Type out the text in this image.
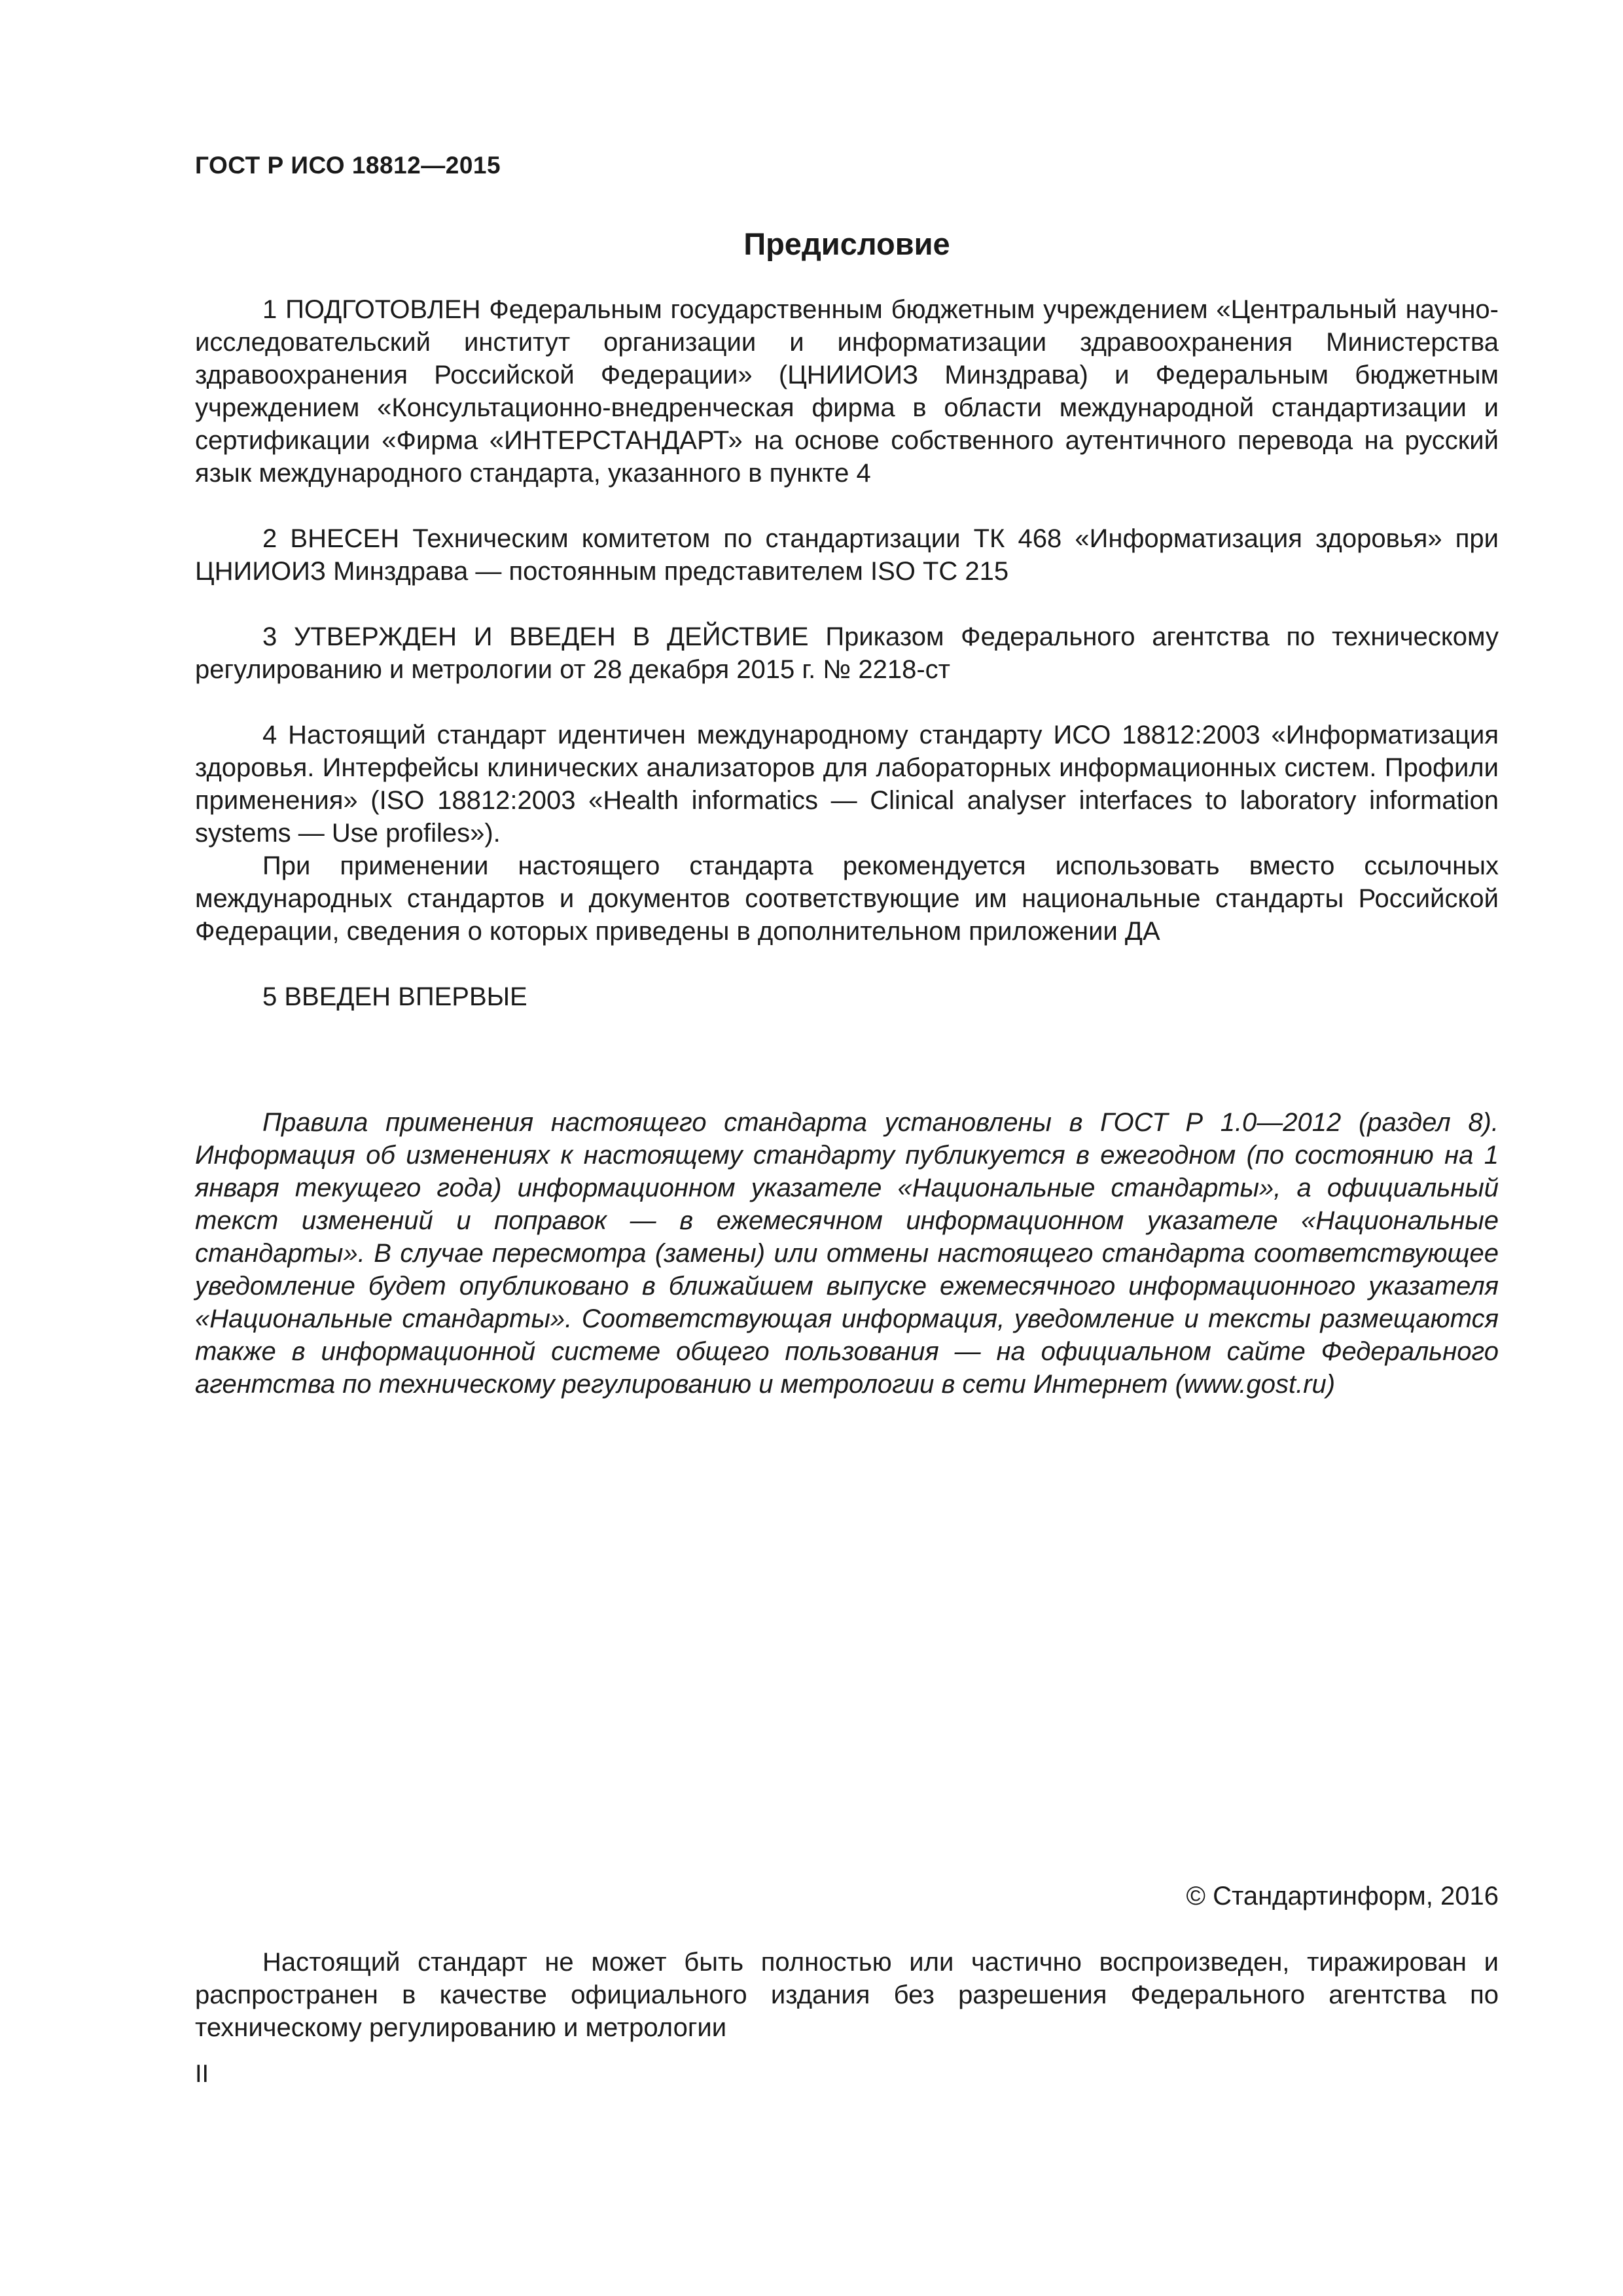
ГОСТ Р ИСО 18812—2015
Предисловие

1 ПОДГОТОВЛЕН Федеральным государственным бюджетным учреждением «Центральный научно-исследовательский институт организации и информатизации здравоохранения Министерства здравоохранения Российской Федерации» (ЦНИИОИЗ Минздрава) и Федеральным бюджетным учреждением «Консультационно-внедренческая фирма в области международной стандартизации и сертификации «Фирма «ИНТЕРСТАНДАРТ» на основе собственного аутентичного перевода на русский язык международного стандарта, указанного в пункте 4

2 ВНЕСЕН Техническим комитетом по стандартизации ТК 468 «Информатизация здоровья» при ЦНИИОИЗ Минздрава — постоянным представителем ISO ТС 215

3 УТВЕРЖДЕН И ВВЕДЕН В ДЕЙСТВИЕ Приказом Федерального агентства по техническому регулированию и метрологии от 28 декабря 2015 г. № 2218-ст

4 Настоящий стандарт идентичен международному стандарту ИСО 18812:2003 «Информатизация здоровья. Интерфейсы клинических анализаторов для лабораторных информационных систем. Профили применения» (ISO 18812:2003 «Health informatics — Clinical analyser interfaces to laboratory information systems — Use profiles»).

При применении настоящего стандарта рекомендуется использовать вместо ссылочных международных стандартов и документов соответствующие им национальные стандарты Российской Федерации, сведения о которых приведены в дополнительном приложении ДА

5 ВВЕДЕН ВПЕРВЫЕ

Правила применения настоящего стандарта установлены в ГОСТ Р 1.0—2012 (раздел 8). Информация об изменениях к настоящему стандарту публикуется в ежегодном (по состоянию на 1 января текущего года) информационном указателе «Национальные стандарты», а официальный текст изменений и поправок — в ежемесячном информационном указателе «Национальные стандарты». В случае пересмотра (замены) или отмены настоящего стандарта соответствующее уведомление будет опубликовано в ближайшем выпуске ежемесячного информационного указателя «Национальные стандарты». Соответствующая информация, уведомление и тексты размещаются также в информационной системе общего пользования — на официальном сайте Федерального агентства по техническому регулированию и метрологии в сети Интернет (www.gost.ru)

© Стандартинформ, 2016

Настоящий стандарт не может быть полностью или частично воспроизведен, тиражирован и распространен в качестве официального издания без разрешения Федерального агентства по техническому регулированию и метрологии

II
